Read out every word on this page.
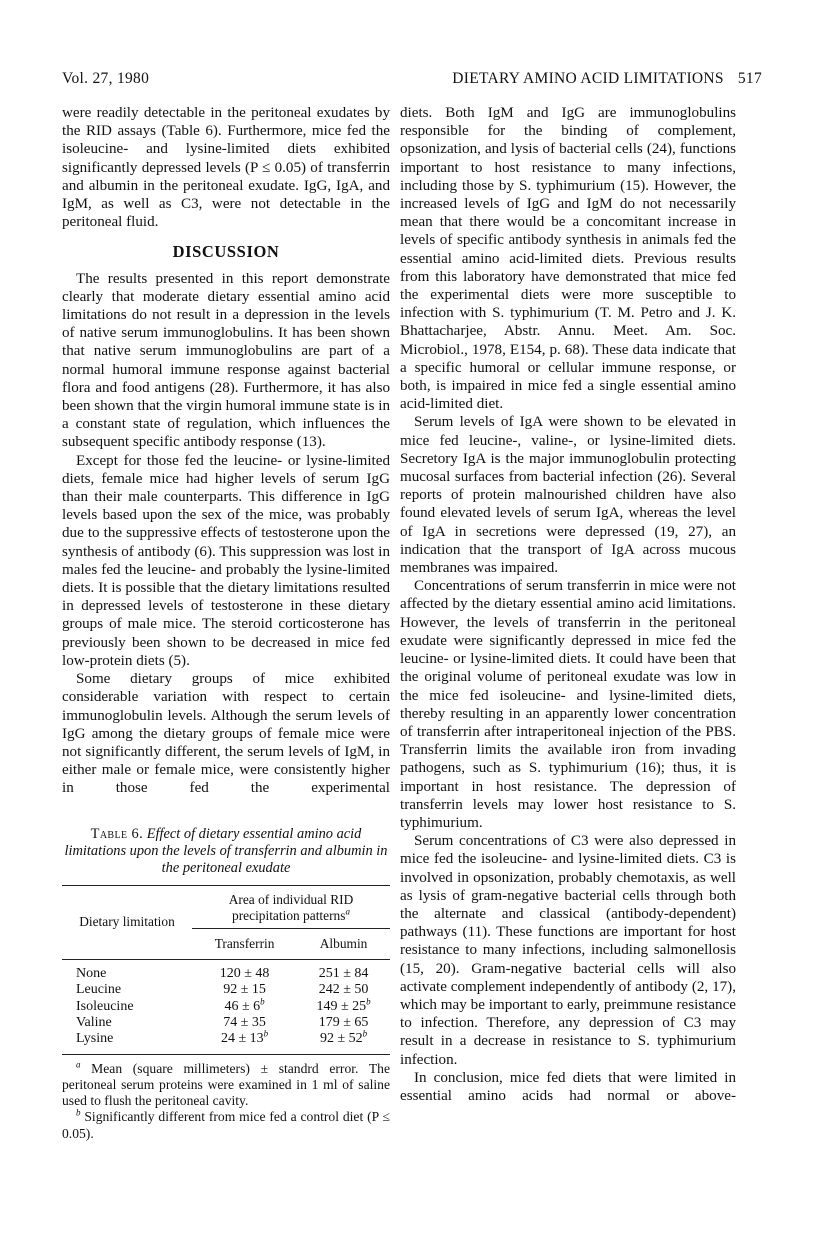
Vol. 27, 1980	DIETARY AMINO ACID LIMITATIONS 517

were readily detectable in the peritoneal exudates by the RID assays (Table 6). Furthermore, mice fed the isoleucine- and lysine-limited diets exhibited significantly depressed levels (P ≤ 0.05) of transferrin and albumin in the peritoneal exudate. IgG, IgA, and IgM, as well as C3, were not detectable in the peritoneal fluid.

DISCUSSION

The results presented in this report demonstrate clearly that moderate dietary essential amino acid limitations do not result in a depression in the levels of native serum immunoglobulins. It has been shown that native serum immunoglobulins are part of a normal humoral immune response against bacterial flora and food antigens (28). Furthermore, it has also been shown that the virgin humoral immune state is in a constant state of regulation, which influences the subsequent specific antibody response (13).

Except for those fed the leucine- or lysine-limited diets, female mice had higher levels of serum IgG than their male counterparts. This difference in IgG levels based upon the sex of the mice, was probably due to the suppressive effects of testosterone upon the synthesis of antibody (6). This suppression was lost in males fed the leucine- and probably the lysine-limited diets. It is possible that the dietary limitations resulted in depressed levels of testosterone in these dietary groups of male mice. The steroid corticosterone has previously been shown to be decreased in mice fed low-protein diets (5).

Some dietary groups of mice exhibited considerable variation with respect to certain immunoglobulin levels. Although the serum levels of IgG among the dietary groups of female mice were not significantly different, the serum levels of IgM, in either male or female mice, were consistently higher in those fed the experimental

Table 6. Effect of dietary essential amino acid limitations upon the levels of transferrin and albumin in the peritoneal exudate
Dietary limitation	Area of individual RID precipitation patterns$^a$
	Transferrin	Albumin

None	120 ± 48	251 ± 84
Leucine	92 ± 15	242 ± 50
Isoleucine	$46 \pm 6^b$	$149 \pm 25^b$
Valine	74 ± 35	179 ± 65
Lysine	$24 \pm 13^b$	$92 \pm 52^b$

$^a$ Mean (square millimeters) ± standrd error. The peritoneal serum proteins were examined in 1 ml of saline used to flush the peritoneal cavity.

$^b$ Significantly different from mice fed a control diet (P ≤ 0.05).

diets. Both IgM and IgG are immunoglobulins responsible for the binding of complement, opsonization, and lysis of bacterial cells (24), functions important to host resistance to many infections, including those by S. typhimurium (15). However, the increased levels of IgG and IgM do not necessarily mean that there would be a concomitant increase in levels of specific antibody synthesis in animals fed the essential amino acid-limited diets. Previous results from this laboratory have demonstrated that mice fed the experimental diets were more susceptible to infection with S. typhimurium (T. M. Petro and J. K. Bhattacharjee, Abstr. Annu. Meet. Am. Soc. Microbiol., 1978, E154, p. 68). These data indicate that a specific humoral or cellular immune response, or both, is impaired in mice fed a single essential amino acid-limited diet.

Serum levels of IgA were shown to be elevated in mice fed leucine-, valine-, or lysine-limited diets. Secretory IgA is the major immunoglobulin protecting mucosal surfaces from bacterial infection (26). Several reports of protein malnourished children have also found elevated levels of serum IgA, whereas the level of IgA in secretions were depressed (19, 27), an indication that the transport of IgA across mucous membranes was impaired.

Concentrations of serum transferrin in mice were not affected by the dietary essential amino acid limitations. However, the levels of transferrin in the peritoneal exudate were significantly depressed in mice fed the leucine- or lysine-limited diets. It could have been that the original volume of peritoneal exudate was low in the mice fed isoleucine- and lysine-limited diets, thereby resulting in an apparently lower concentration of transferrin after intraperitoneal injection of the PBS. Transferrin limits the available iron from invading pathogens, such as S. typhimurium (16); thus, it is important in host resistance. The depression of transferrin levels may lower host resistance to S. typhimurium.

Serum concentrations of C3 were also depressed in mice fed the isoleucine- and lysine-limited diets. C3 is involved in opsonization, probably chemotaxis, as well as lysis of gram-negative bacterial cells through both the alternate and classical (antibody-dependent) pathways (11). These functions are important for host resistance to many infections, including salmonellosis (15, 20). Gram-negative bacterial cells will also activate complement independently of antibody (2, 17), which may be important to early, preimmune resistance to infection. Therefore, any depression of C3 may result in a decrease in resistance to S. typhimurium infection.

In conclusion, mice fed diets that were limited in essential amino acids had normal or above-
